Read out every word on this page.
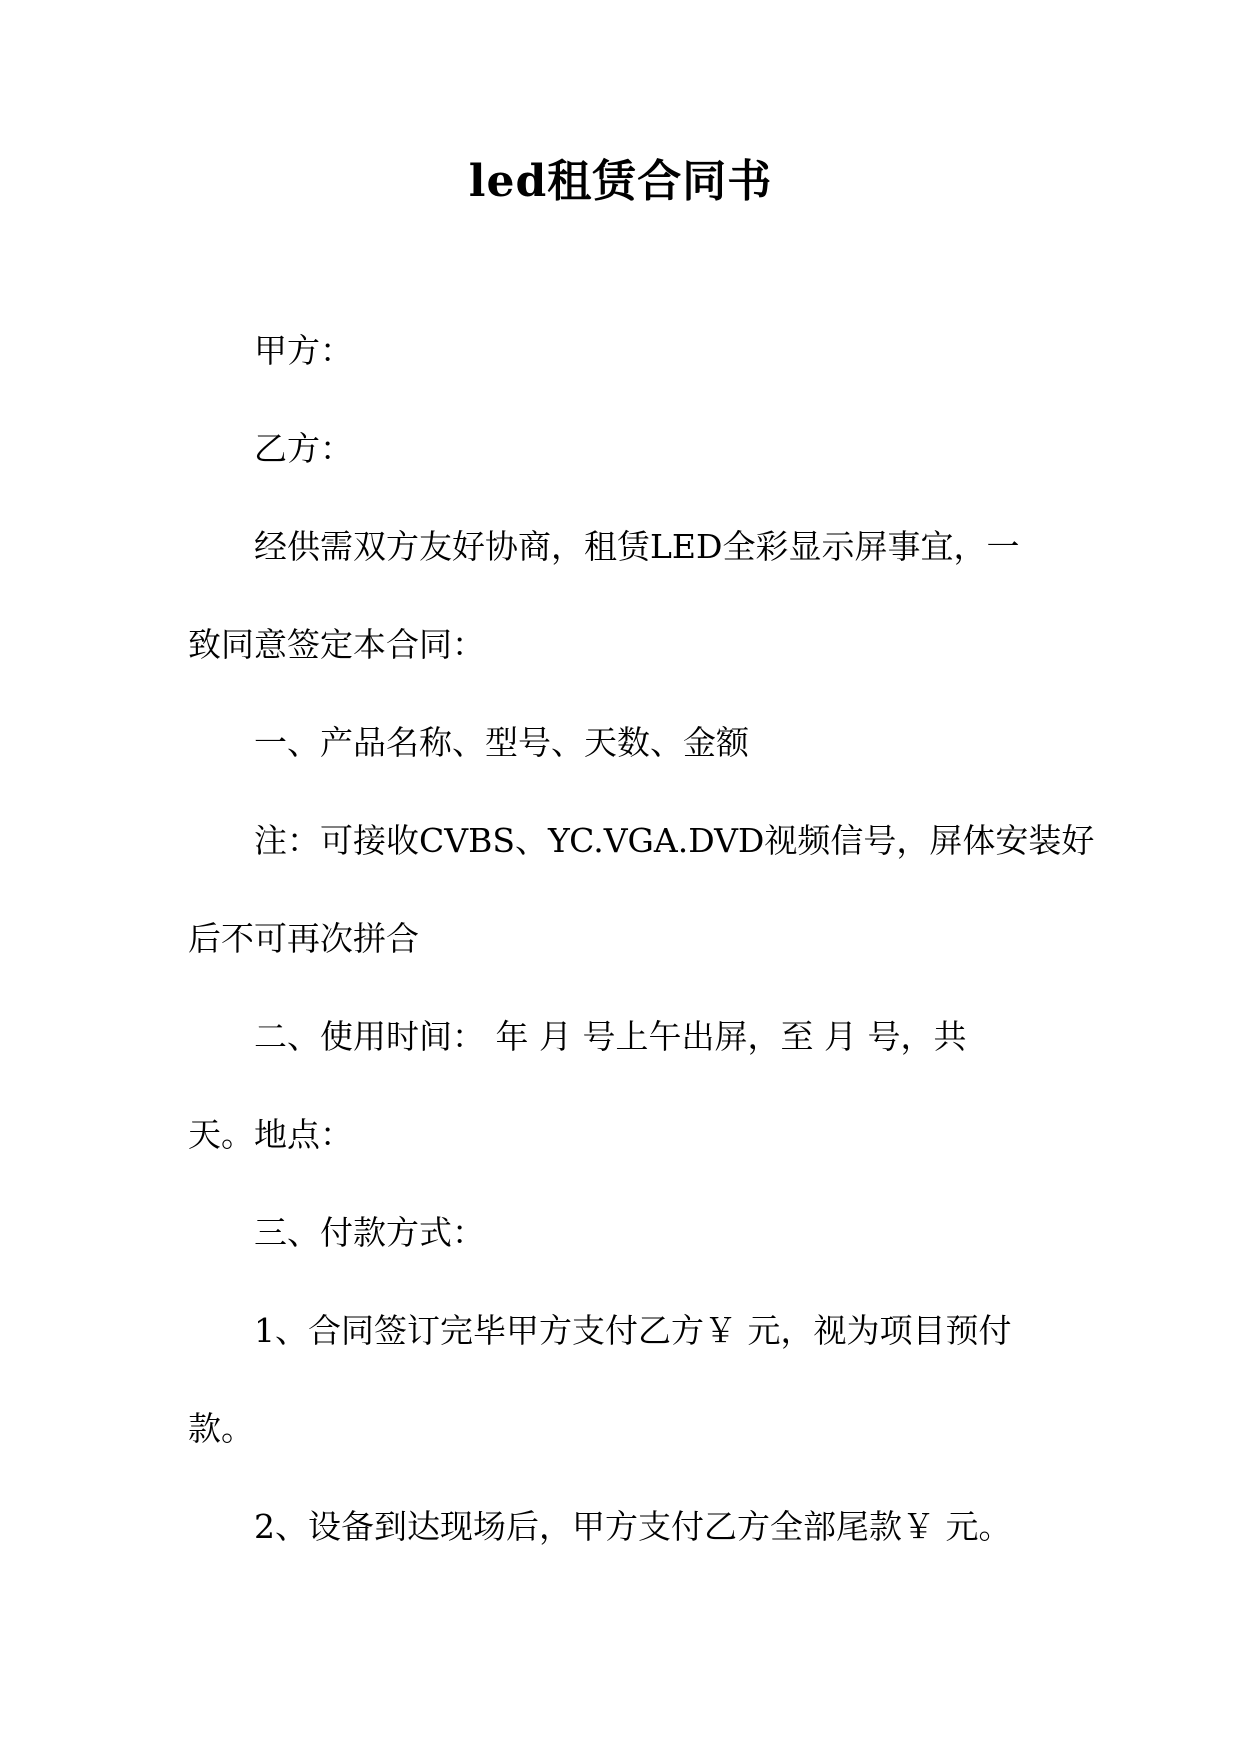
led租赁合同书

甲方：

乙方：

经供需双方友好协商，租赁LED全彩显示屏事宜，一

致同意签定本合同：

一、产品名称、型号、天数、金额

注：可接收CVBS、YC.VGA.DVD视频信号，屏体安装好

后不可再次拼合

二、使用时间： 年 月 号上午出屏，至 月 号，共

天。地点：

三、付款方式：

1、合同签订完毕甲方支付乙方￥ 元，视为项目预付

款。

2、设备到达现场后，甲方支付乙方全部尾款￥ 元。
